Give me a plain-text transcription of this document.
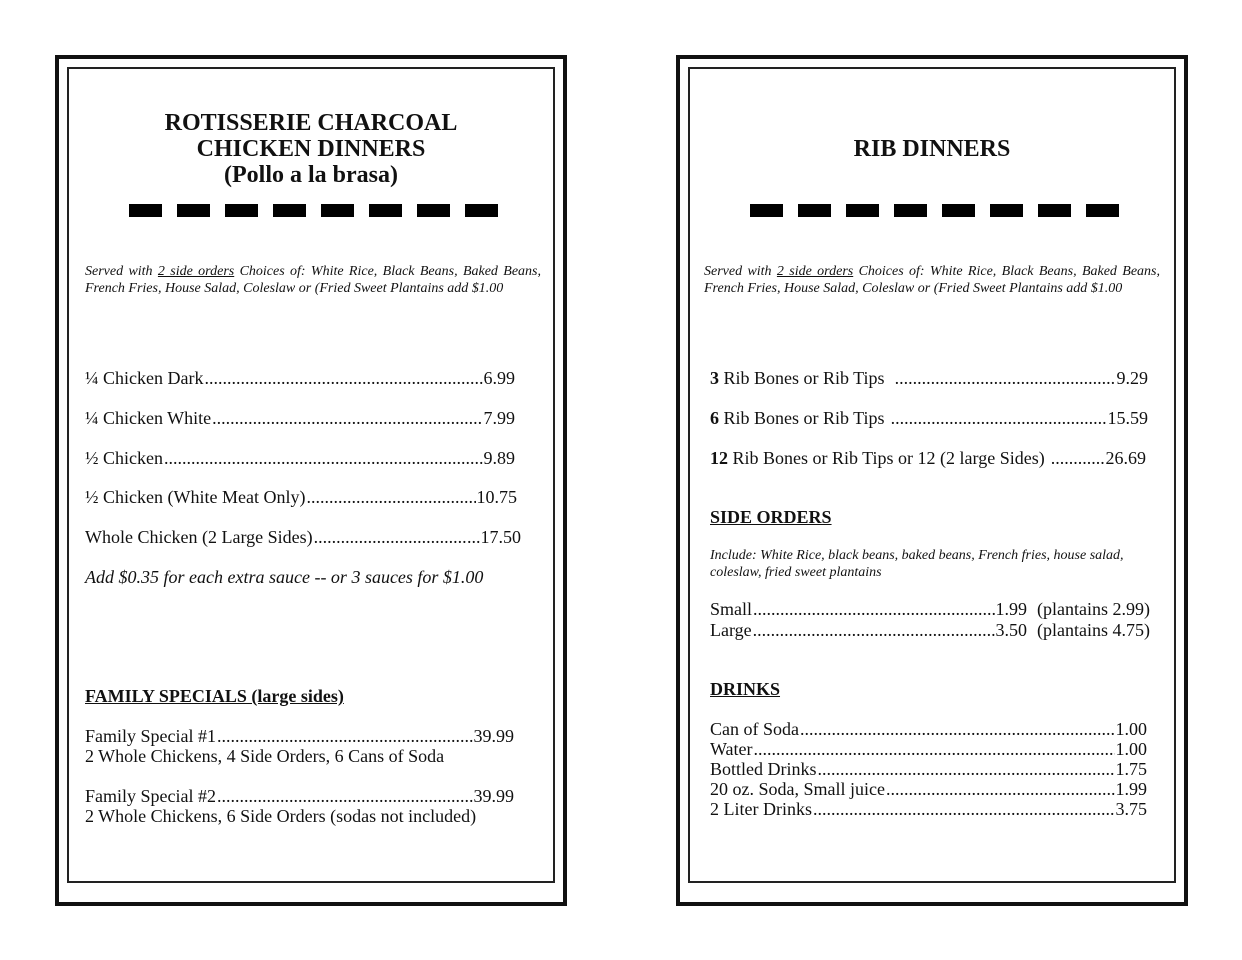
ROTISSERIE CHARCOAL
CHICKEN DINNERS
(Pollo a la brasa)
Served with 2 side orders Choices of: White Rice, Black Beans, Baked Beans, French Fries, House Salad, Coleslaw or (Fried Sweet Plantains add $1.00
¼ Chicken Dark .....	6.99
¼ Chicken White .....	7.99
½ Chicken .....	9.89
½ Chicken (White Meat Only) .....	10.75
Whole Chicken (2 Large Sides) .....	...17.50
Add $0.35 for each extra sauce -- or 3 sauces for $1.00
FAMILY SPECIALS (large sides)
Family Special #1 .....	39.99
2 Whole Chickens, 4 Side Orders, 6 Cans of Soda
Family Special #2 .....	39.99
2 Whole Chickens, 6 Side Orders (sodas not included)
RIB DINNERS
Served with 2 side orders Choices of: White Rice, Black Beans, Baked Beans, French Fries, House Salad, Coleslaw or (Fried Sweet Plantains add $1.00
3 Rib Bones or Rib Tips .....	9.29
6 Rib Bones or Rib Tips .....	15.59
12 Rib Bones or Rib Tips or 12 (2 large Sides) .....	26.69
SIDE ORDERS
Include: White Rice, black beans, baked beans, French fries, house salad, coleslaw, fried sweet plantains
Small .....	1.99 (plantains 2.99)
Large .....	3.50 (plantains 4.75)
DRINKS
Can of Soda .....	1.00
Water .....	1.00
Bottled Drinks .....	1.75
20 oz. Soda, Small juice .....	1.99
2 Liter Drinks .....	3.75
